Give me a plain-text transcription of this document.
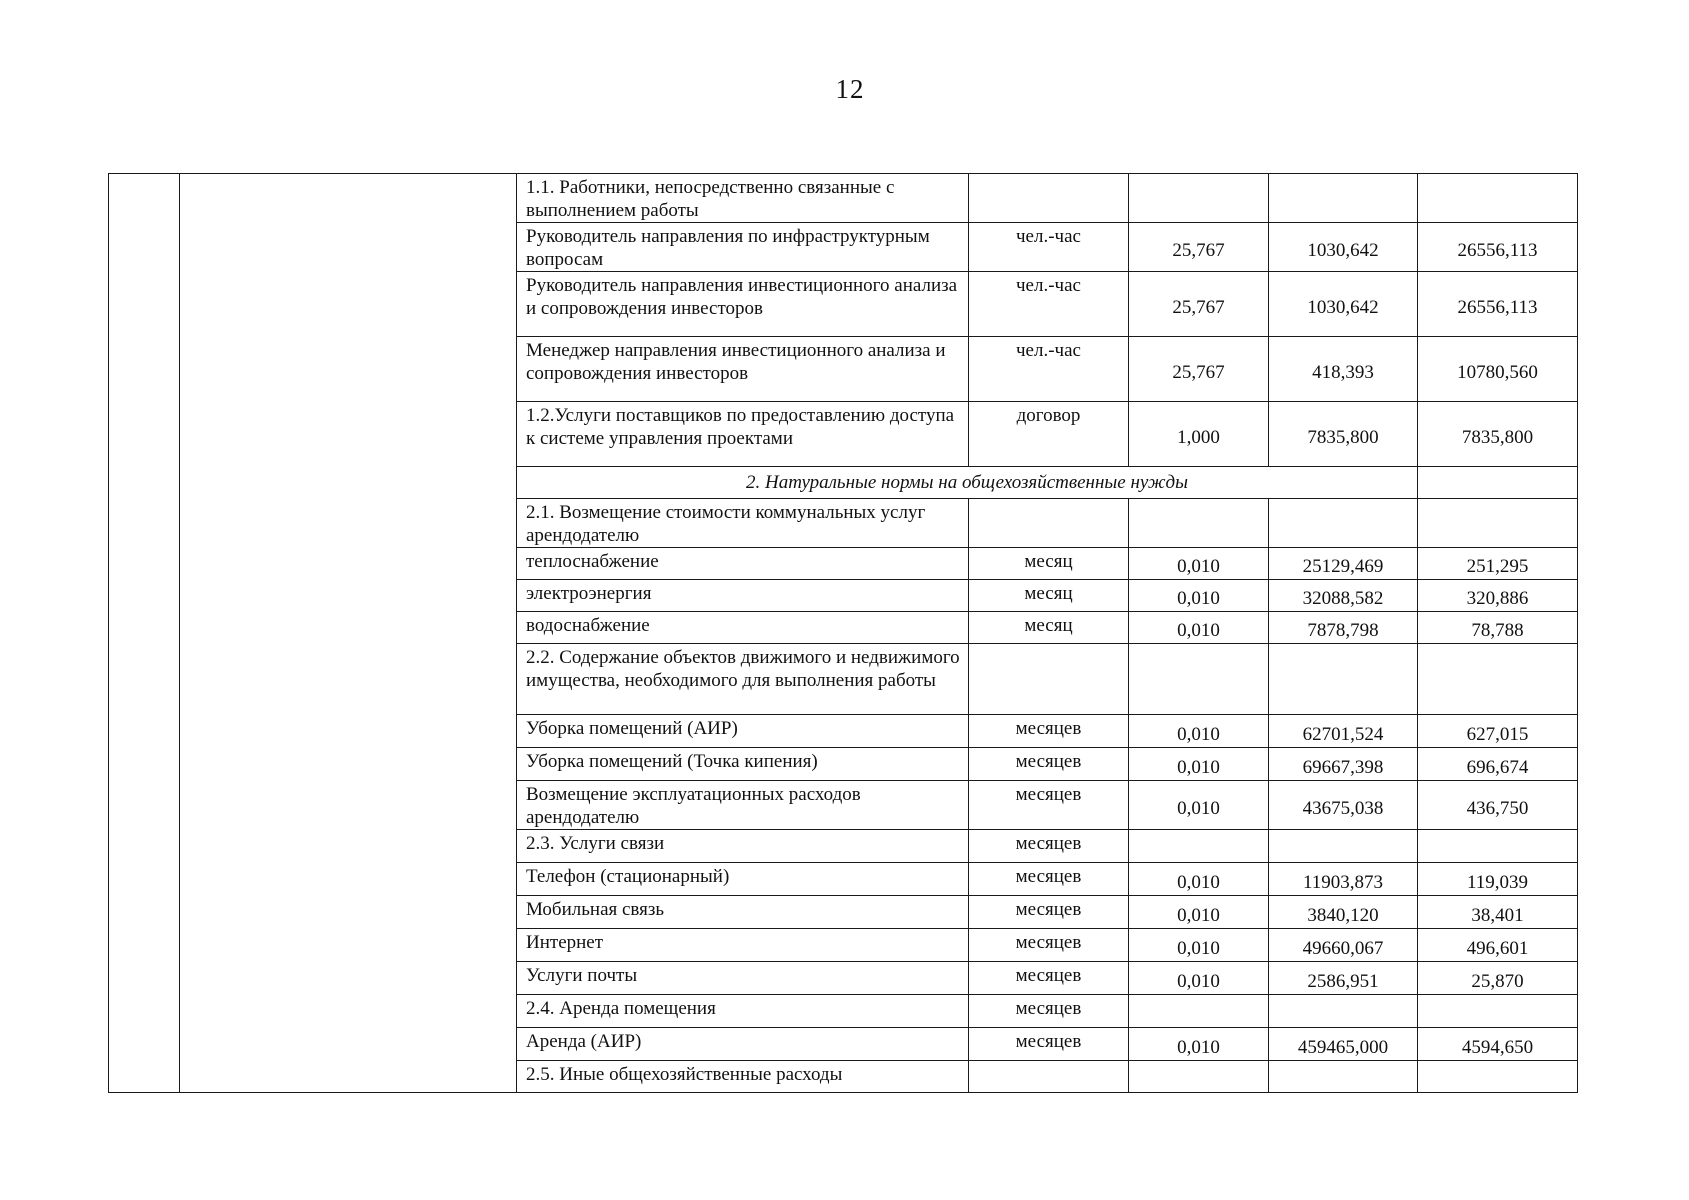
12
		1.1. Работники, непосредственно связанные с выполнением работы				
		Руководитель направления по инфраструктурным вопросам	чел.-час	25,767	1030,642	26556,113
		Руководитель направления инвестиционного анализа и сопровождения инвесторов	чел.-час	25,767	1030,642	26556,113
		Менеджер направления инвестиционного анализа и сопровождения инвесторов	чел.-час	25,767	418,393	10780,560
		1.2.Услуги поставщиков по предоставлению доступа к системе управления проектами	договор	1,000	7835,800	7835,800
		2. Натуральные нормы на общехозяйственные нужды				
		2.1. Возмещение стоимости коммунальных услуг арендодателю				
		теплоснабжение	месяц	0,010	25129,469	251,295
		электроэнергия	месяц	0,010	32088,582	320,886
		водоснабжение	месяц	0,010	7878,798	78,788
		2.2. Содержание объектов движимого и недвижимого имущества, необходимого для выполнения работы				
		Уборка помещений (АИР)	месяцев	0,010	62701,524	627,015
		Уборка помещений (Точка кипения)	месяцев	0,010	69667,398	696,674
		Возмещение эксплуатационных расходов арендодателю	месяцев	0,010	43675,038	436,750
		2.3. Услуги связи	месяцев			
		Телефон (стационарный)	месяцев	0,010	11903,873	119,039
		Мобильная связь	месяцев	0,010	3840,120	38,401
		Интернет	месяцев	0,010	49660,067	496,601
		Услуги почты	месяцев	0,010	2586,951	25,870
		2.4. Аренда помещения	месяцев			
		Аренда (АИР)	месяцев	0,010	459465,000	4594,650
		2.5. Иные общехозяйственные расходы				
